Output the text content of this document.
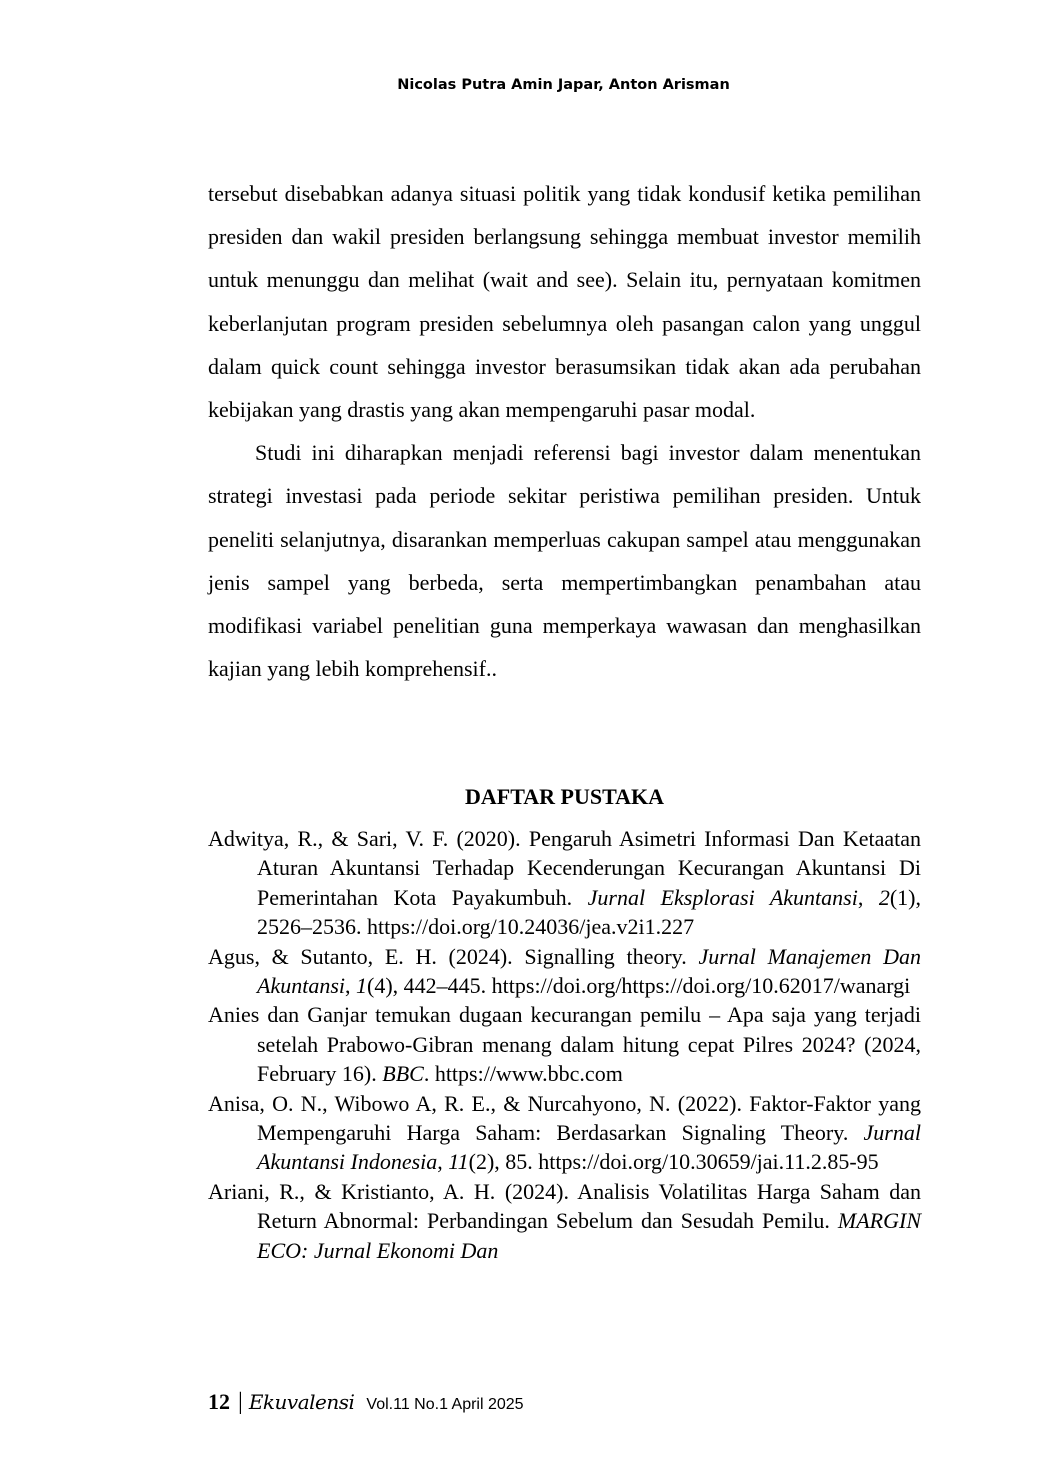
Nicolas Putra Amin Japar, Anton Arisman

tersebut disebabkan adanya situasi politik yang tidak kondusif ketika pemilihan presiden dan wakil presiden berlangsung sehingga membuat investor memilih untuk menunggu dan melihat (wait and see). Selain itu, pernyataan komitmen keberlanjutan program presiden sebelumnya oleh pasangan calon yang unggul dalam quick count sehingga investor berasumsikan tidak akan ada perubahan kebijakan yang drastis yang akan mempengaruhi pasar modal.

Studi ini diharapkan menjadi referensi bagi investor dalam menentukan strategi investasi pada periode sekitar peristiwa pemilihan presiden. Untuk peneliti selanjutnya, disarankan memperluas cakupan sampel atau menggunakan jenis sampel yang berbeda, serta mempertimbangkan penambahan atau modifikasi variabel penelitian guna memperkaya wawasan dan menghasilkan kajian yang lebih komprehensif..

DAFTAR PUSTAKA

Adwitya, R., & Sari, V. F. (2020). Pengaruh Asimetri Informasi Dan Ketaatan Aturan Akuntansi Terhadap Kecenderungan Kecurangan Akuntansi Di Pemerintahan Kota Payakumbuh. Jurnal Eksplorasi Akuntansi, 2(1), 2526–2536. https://doi.org/10.24036/jea.v2i1.227

Agus, & Sutanto, E. H. (2024). Signalling theory. Jurnal Manajemen Dan Akuntansi, 1(4), 442–445. https://doi.org/https://doi.org/10.62017/wanargi

Anies dan Ganjar temukan dugaan kecurangan pemilu – Apa saja yang terjadi setelah Prabowo-Gibran menang dalam hitung cepat Pilres 2024? (2024, February 16). BBC. https://www.bbc.com

Anisa, O. N., Wibowo A, R. E., & Nurcahyono, N. (2022). Faktor-Faktor yang Mempengaruhi Harga Saham: Berdasarkan Signaling Theory. Jurnal Akuntansi Indonesia, 11(2), 85. https://doi.org/10.30659/jai.11.2.85-95

Ariani, R., & Kristianto, A. H. (2024). Analisis Volatilitas Harga Saham dan Return Abnormal: Perbandingan Sebelum dan Sesudah Pemilu. MARGIN ECO: Jurnal Ekonomi Dan

12 | Ekuvalensi Vol.11 No.1 April 2025
